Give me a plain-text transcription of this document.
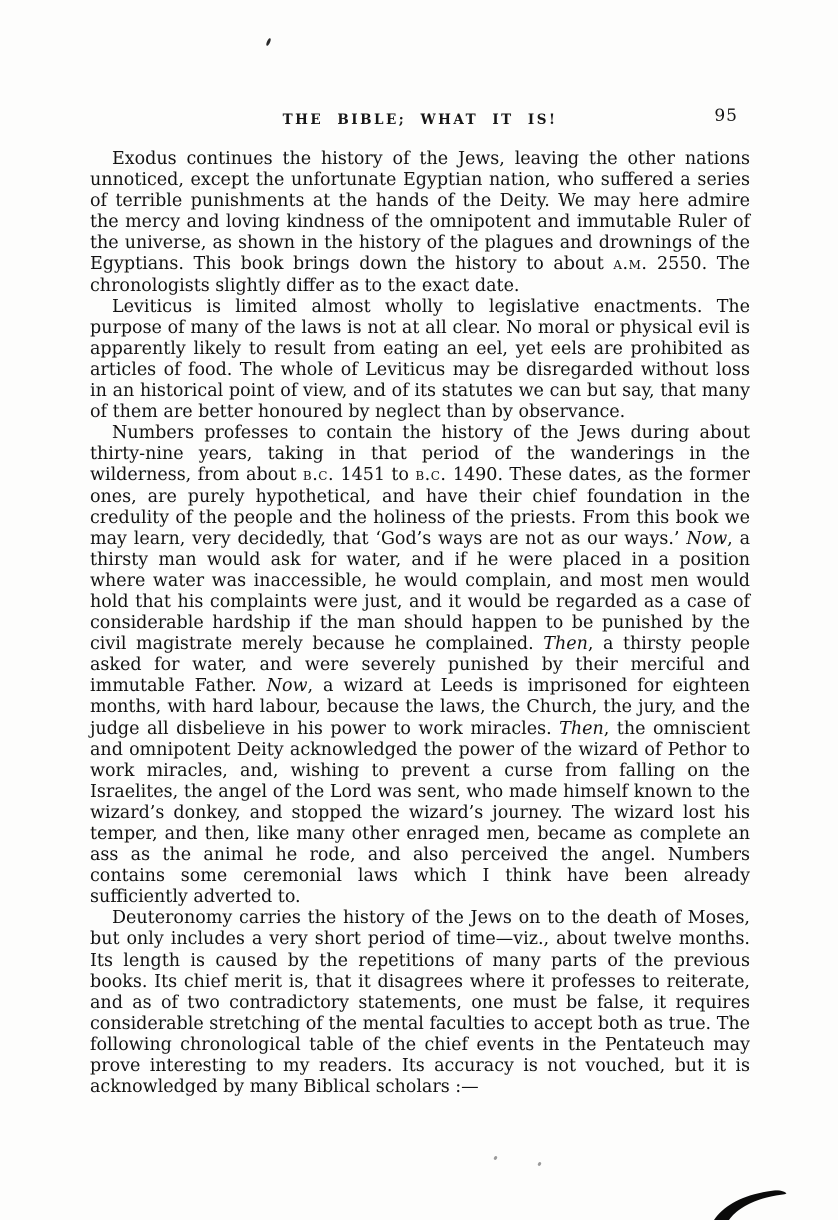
THE BIBLE; WHAT IT IS!	95

Exodus continues the history of the Jews, leaving the other nations unnoticed, except the unfortunate Egyptian nation, who suffered a series of terrible punishments at the hands of the Deity. We may here admire the mercy and loving kindness of the omnipotent and immutable Ruler of the universe, as shown in the history of the plagues and drownings of the Egyptians. This book brings down the history to about a.m. 2550. The chronologists slightly differ as to the exact date.

Leviticus is limited almost wholly to legislative enactments. The purpose of many of the laws is not at all clear. No moral or physical evil is apparently likely to result from eating an eel, yet eels are prohibited as articles of food. The whole of Leviticus may be disregarded without loss in an historical point of view, and of its statutes we can but say, that many of them are better honoured by neglect than by observance.

Numbers professes to contain the history of the Jews during about thirty-nine years, taking in that period of the wanderings in the wilderness, from about b.c. 1451 to b.c. 1490. These dates, as the former ones, are purely hypothetical, and have their chief foundation in the credulity of the people and the holiness of the priests. From this book we may learn, very decidedly, that ‘God’s ways are not as our ways.’ Now, a thirsty man would ask for water, and if he were placed in a position where water was inaccessible, he would complain, and most men would hold that his complaints were just, and it would be regarded as a case of considerable hardship if the man should happen to be punished by the civil magistrate merely because he complained. Then, a thirsty people asked for water, and were severely punished by their merciful and immutable Father. Now, a wizard at Leeds is imprisoned for eighteen months, with hard labour, because the laws, the Church, the jury, and the judge all disbelieve in his power to work miracles. Then, the omniscient and omnipotent Deity acknowledged the power of the wizard of Pethor to work miracles, and, wishing to prevent a curse from falling on the Israelites, the angel of the Lord was sent, who made himself known to the wizard’s donkey, and stopped the wizard’s journey. The wizard lost his temper, and then, like many other enraged men, became as complete an ass as the animal he rode, and also perceived the angel. Numbers contains some ceremonial laws which I think have been already sufficiently adverted to.

Deuteronomy carries the history of the Jews on to the death of Moses, but only includes a very short period of time—viz., about twelve months. Its length is caused by the repetitions of many parts of the previous books. Its chief merit is, that it disagrees where it professes to reiterate, and as of two contradictory statements, one must be false, it requires considerable stretching of the mental faculties to accept both as true. The following chronological table of the chief events in the Pentateuch may prove interesting to my readers. Its accuracy is not vouched, but it is acknowledged by many Biblical scholars :—
